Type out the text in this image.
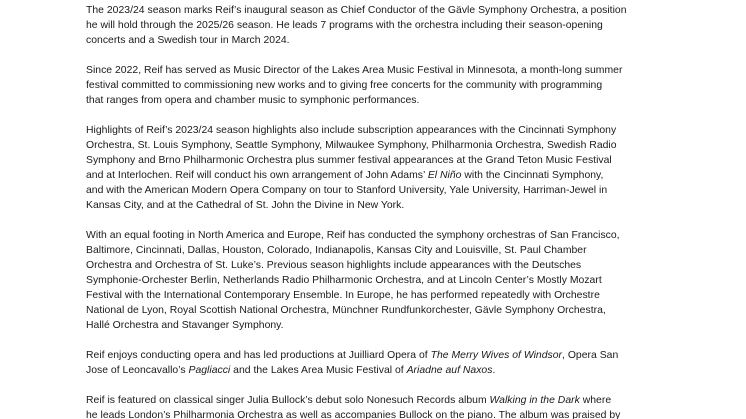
The 2023/24 season marks Reif’s inaugural season as Chief Conductor of the Gävle Symphony Orchestra, a position
he will hold through the 2025/26 season. He leads 7 programs with the orchestra including their season-opening
concerts and a Swedish tour in March 2024.

Since 2022, Reif has served as Music Director of the Lakes Area Music Festival in Minnesota, a month-long summer
festival committed to commissioning new works and to giving free concerts for the community with programming
that ranges from opera and chamber music to symphonic performances.

Highlights of Reif’s 2023/24 season highlights also include subscription appearances with the Cincinnati Symphony
Orchestra, St. Louis Symphony, Seattle Symphony, Milwaukee Symphony, Philharmonia Orchestra, Swedish Radio
Symphony and Brno Philharmonic Orchestra plus summer festival appearances at the Grand Teton Music Festival
and at Interlochen. Reif will conduct his own arrangement of John Adams’ El Niño with the Cincinnati Symphony,
and with the American Modern Opera Company on tour to Stanford University, Yale University, Harriman-Jewel in
Kansas City, and at the Cathedral of St. John the Divine in New York.

With an equal footing in North America and Europe, Reif has conducted the symphony orchestras of San Francisco,
Baltimore, Cincinnati, Dallas, Houston, Colorado, Indianapolis, Kansas City and Louisville, St. Paul Chamber
Orchestra and Orchestra of St. Luke’s. Previous season highlights include appearances with the Deutsches
Symphonie-Orchester Berlin, Netherlands Radio Philharmonic Orchestra, and at Lincoln Center’s Mostly Mozart
Festival with the International Contemporary Ensemble. In Europe, he has performed repeatedly with Orchestre
National de Lyon, Royal Scottish National Orchestra, Münchner Rundfunkorchester, Gävle Symphony Orchestra,
Hallé Orchestra and Stavanger Symphony.

Reif enjoys conducting opera and has led productions at Juilliard Opera of The Merry Wives of Windsor, Opera San
Jose of Leoncavallo’s Pagliacci and the Lakes Area Music Festival of Ariadne auf Naxos.

Reif is featured on classical singer Julia Bullock’s debut solo Nonesuch Records album Walking in the Dark where
he leads London’s Philharmonia Orchestra as well as accompanies Bullock on the piano. The album was praised by
